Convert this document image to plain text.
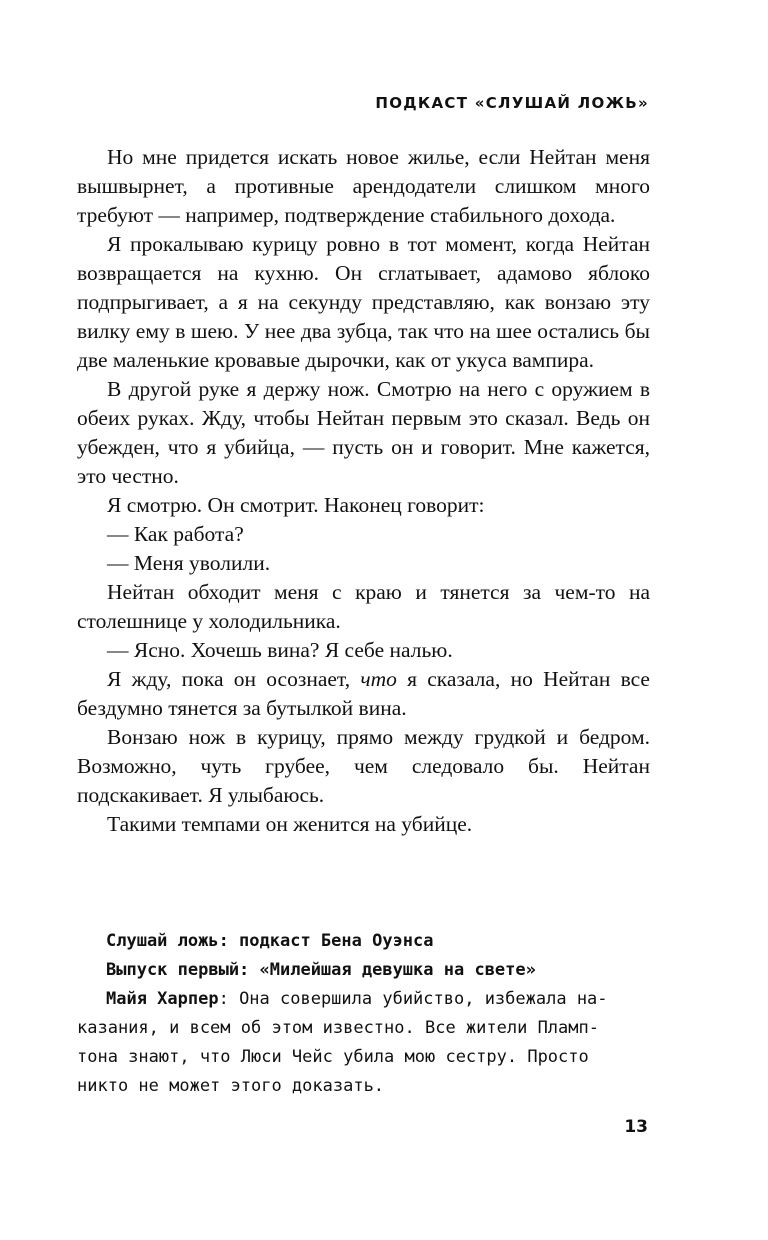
ПОДКАСТ «СЛУШАЙ ЛОЖЬ»

Но мне придется искать новое жилье, если Нейтан меня вышвырнет, а противные арендодатели слишком много требуют — например, подтверждение стабильного дохода.

Я прокалываю курицу ровно в тот момент, когда Нейтан возвращается на кухню. Он сглатывает, адамово яблоко подпрыгивает, а я на секунду представляю, как вонзаю эту вилку ему в шею. У нее два зубца, так что на шее остались бы две маленькие кровавые дырочки, как от укуса вампира.

В другой руке я держу нож. Смотрю на него с оружием в обеих руках. Жду, чтобы Нейтан первым это сказал. Ведь он убежден, что я убийца, — пусть он и говорит. Мне кажется, это честно.

Я смотрю. Он смотрит. Наконец говорит:

— Как работа?

— Меня уволили.

Нейтан обходит меня с краю и тянется за чем-то на столешнице у холодильника.

— Ясно. Хочешь вина? Я себе налью.

Я жду, пока он осознает, что я сказала, но Нейтан все бездумно тянется за бутылкой вина.

Вонзаю нож в курицу, прямо между грудкой и бедром. Возможно, чуть грубее, чем следовало бы. Нейтан подскакивает. Я улыбаюсь.

Такими темпами он женится на убийце.

Слушай ложь: подкаст Бена Оуэнса
Выпуск первый: «Милейшая девушка на свете»
Майя Харпер: Она совершила убийство, избежала на-
казания, и всем об этом известно. Все жители Пламп-
тона знают, что Люси Чейс убила мою сестру. Просто
никто не может этого доказать.
13
